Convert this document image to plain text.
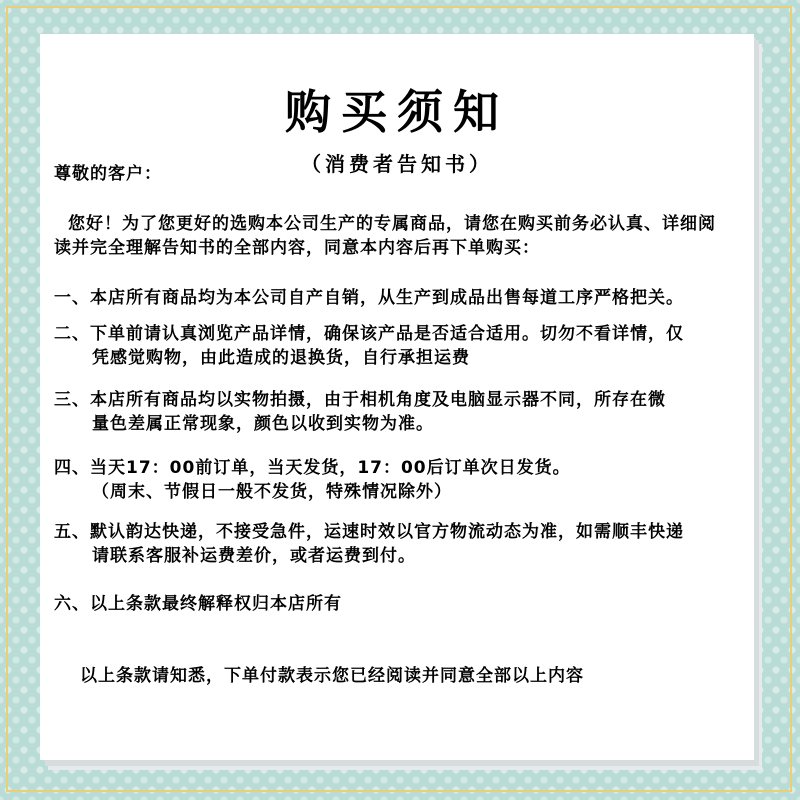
购买须知
（消费者告知书）
尊敬的客户：
您好！为了您更好的选购本公司生产的专属商品，请您在购买前务必认真、详细阅
读并完全理解告知书的全部内容，同意本内容后再下单购买：
一、本店所有商品均为本公司自产自销，从生产到成品出售每道工序严格把关。
二、下单前请认真浏览产品详情，确保该产品是否适合适用。切勿不看详情，仅
凭感觉购物，由此造成的退换货，自行承担运费
三、本店所有商品均以实物拍摄，由于相机角度及电脑显示器不同，所存在微
量色差属正常现象，颜色以收到实物为准。
四、当天17：00前订单，当天发货，17：00后订单次日发货。
（周末、节假日一般不发货，特殊情况除外）
五、默认韵达快递，不接受急件，运速时效以官方物流动态为准，如需顺丰快递
请联系客服补运费差价，或者运费到付。
六、以上条款最终解释权归本店所有
以上条款请知悉，下单付款表示您已经阅读并同意全部以上内容
